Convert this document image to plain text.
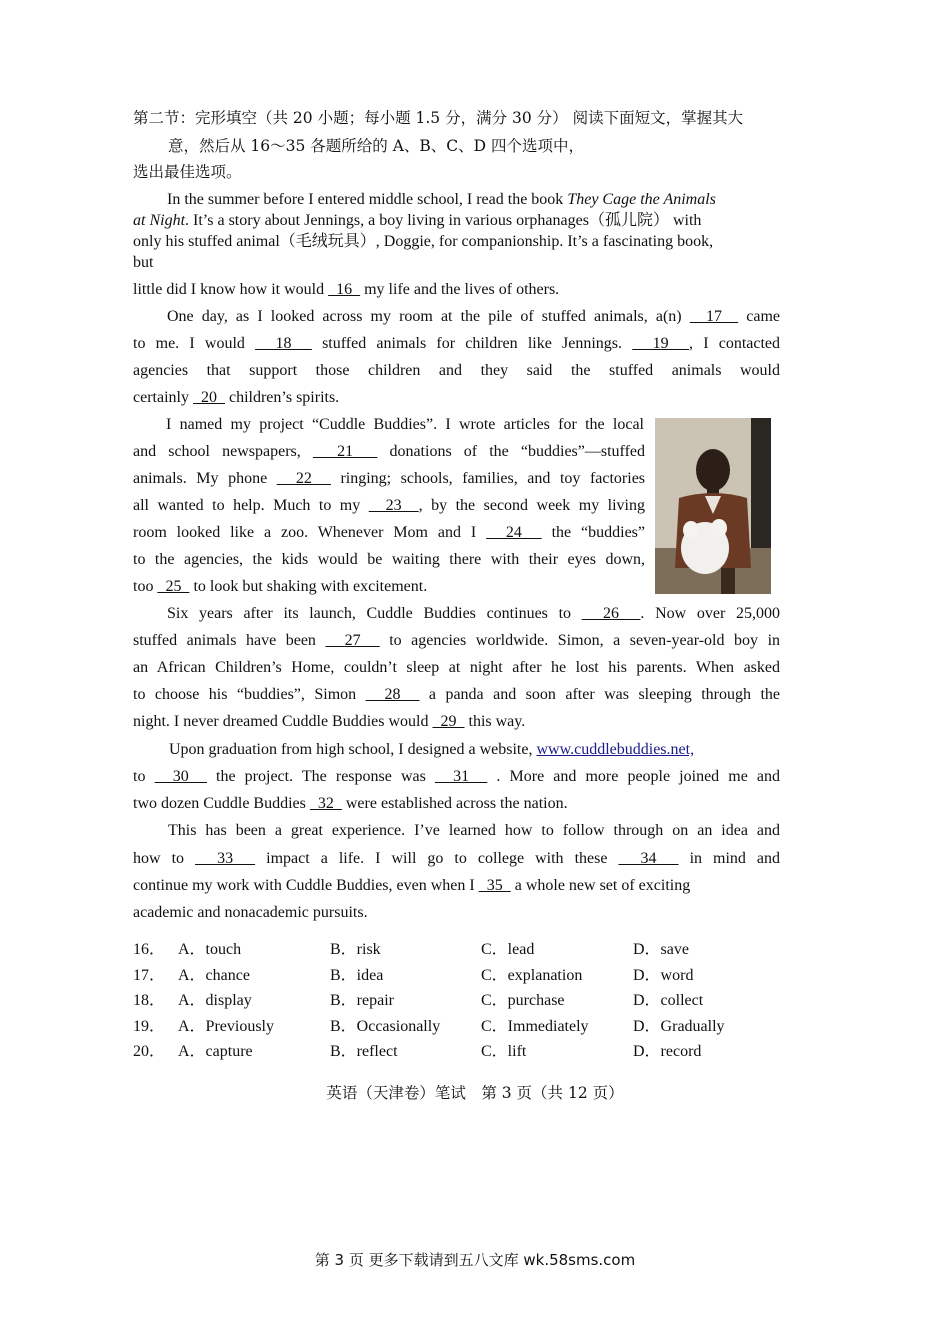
第二节：完形填空（共 20 小题；每小题 1.5 分，满分 30 分） 阅读下面短文，掌握其大
意，然后从 16～35 各题所给的 A、B、C、D 四个选项中，
选出最佳选项。
In the summer before I entered middle school, I read the book They Cage the Animals
at Night. It’s a story about Jennings, a boy living in various orphanages（孤儿院） with
only his stuffed animal（毛绒玩具）, Doggie, for companionship. It’s a fascinating book,
but
little did I know how it would   16   my life and the lives of others.
One day, as I looked across my room at the pile of stuffed animals, a(n)   17   came
to me. I would   18   stuffed animals for children like Jennings.   19  , I contacted
agencies that support those children and they said the stuffed animals would
certainly   20   children’s spirits.
I named my project “Cuddle Buddies”. I wrote articles for the local
and school newspapers,   21   donations of the “buddies”—stuffed
animals. My phone   22   ringing; schools, families, and toy factories
all wanted to help. Much to my   23  , by the second week my living
room looked like a zoo. Whenever Mom and I   24   the “buddies”
to the agencies, the kids would be waiting there with their eyes down,
too   25   to look but shaking with excitement.
Six years after its launch, Cuddle Buddies continues to   26  . Now over 25,000
stuffed animals have been   27   to agencies worldwide. Simon, a seven-year-old boy in
an African Children’s Home, couldn’t sleep at night after he lost his parents. When asked
to choose his “buddies”, Simon   28   a panda and soon after was sleeping through the
night. I never dreamed Cuddle Buddies would   29   this way.
Upon graduation from high school, I designed a website, www.cuddlebuddies.net,
to   30   the project. The response was   31   . More and more people joined me and
two dozen Cuddle Buddies   32   were established across the nation.
This has been a great experience. I’ve learned how to follow through on an idea and
how to   33   impact a life. I will go to college with these   34   in mind and
continue my work with Cuddle Buddies, even when I   35   a whole new set of exciting
academic and nonacademic pursuits.
16． A．touch	B．risk	C．lead	D．save
17． A．chance	B．idea	C．explanation	D．word
18． A．display	B．repair	C．purchase	D．collect
19． A．Previously	B．Occasionally	C．Immediately	D．Gradually
20． A．capture	B．reflect	C．lift	D．record
英语（天津卷）笔试　第 3 页（共 12 页）
第 3 页 更多下载请到五八文库 wk.58sms.com
